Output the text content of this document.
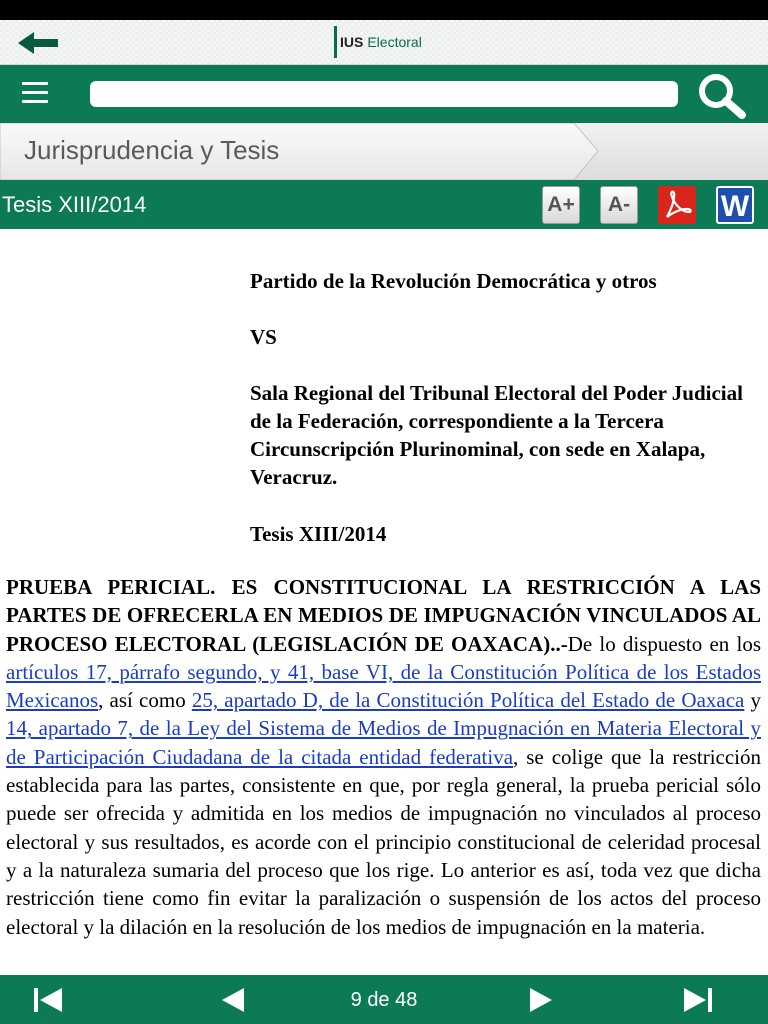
IUS Electoral
Jurisprudencia y Tesis
Tesis XIII/2014	A+	A-	W
Partido de la Revolución Democrática y otros
VS
Sala Regional del Tribunal Electoral del Poder Judicial de la Federación, correspondiente a la Tercera Circunscripción Plurinominal, con sede en Xalapa, Veracruz.
Tesis XIII/2014
PRUEBA PERICIAL. ES CONSTITUCIONAL LA RESTRICCIÓN A LAS PARTES DE OFRECERLA EN MEDIOS DE IMPUGNACIÓN VINCULADOS AL PROCESO ELECTORAL (LEGISLACIÓN DE OAXACA)..-De lo dispuesto en los artículos 17, párrafo segundo, y 41, base VI, de la Constitución Política de los Estados Mexicanos, así como 25, apartado D, de la Constitución Política del Estado de Oaxaca y 14, apartado 7, de la Ley del Sistema de Medios de Impugnación en Materia Electoral y de Participación Ciudadana de la citada entidad federativa, se colige que la restricción establecida para las partes, consistente en que, por regla general, la prueba pericial sólo puede ser ofrecida y admitida en los medios de impugnación no vinculados al proceso electoral y sus resultados, es acorde con el principio constitucional de celeridad procesal y a la naturaleza sumaria del proceso que los rige. Lo anterior es así, toda vez que dicha restricción tiene como fin evitar la paralización o suspensión de los actos del proceso electoral y la dilación en la resolución de los medios de impugnación en la materia.
9 de 48
